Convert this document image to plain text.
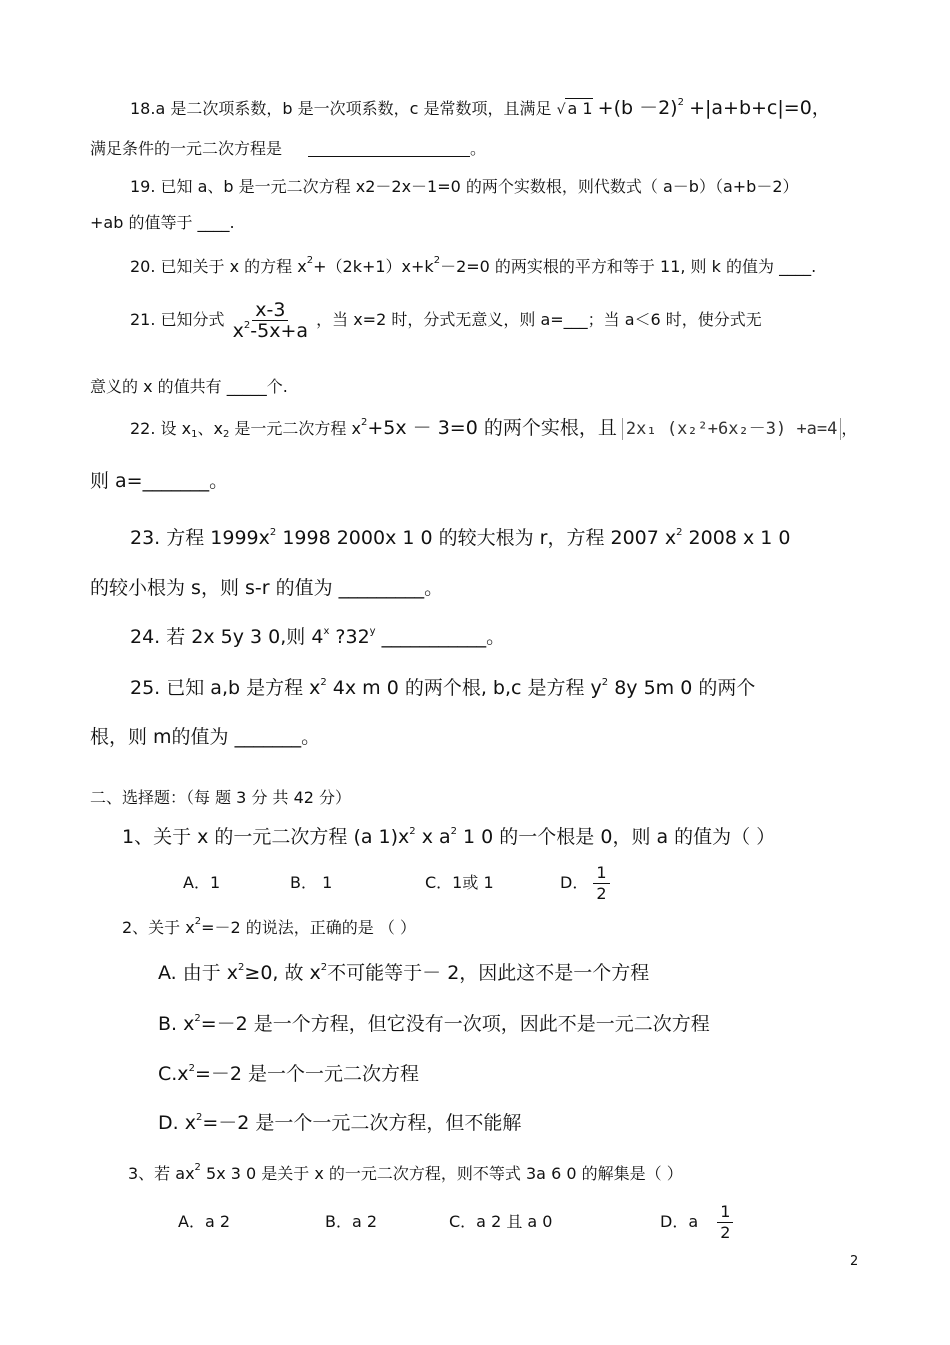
18.a 是二次项系数，b 是一次项系数，c 是常数项，且满足 √ a $1 +(b -2)^2 +|a+b+c|=0$，
满足条件的一元二次方程是	。
19. 已知 a、b 是一元二次方程 x2－2x－1=0 的两个实数根，则代数式（ a－b）（a+b－2）
+ab 的值等于 ____.
20. 已知关于 x 的方程 $x^2+(2k+1)x+k^2-2=0$ 的两实根的平方和等于 11, 则 k 的值为 ____.
21. 已知分式 $\frac{x-3}{x^2-5x+a}$ ，当 x=2 时，分式无意义，则 a=___；当 a＜6 时，使分式无
意义的 x 的值共有 _____个.
22. 设 $x_1$、$x_2$ 是一元二次方程 $x^2+5x - 3=0$ 的两个实根，且 2x₁ (x₂²+6x₂－3) +a=4 ，
则 a=_______。
23. 方程 $1999x^2$ 1998 2000x 1 0 的较大根为 r，方程 2007 $x^2$ 2008 x 1 0
的较小根为 s，则 s-r 的值为 _________。
24. 若 2x 5y 3 0,则 4$^x$ ?32$^y$ ___________。
25. 已知 a,b 是方程 $x^2$ 4x m 0 的两个根, b,c 是方程 $y^2$ 8y 5m 0 的两个
根，则 m的值为 _______。
二、选择题：（每 题 3 分 共 42 分）
1、关于 x 的一元二次方程 (a $1)x^2$ x $a^2$ 1 0 的一个根是 0，则 a 的值为（ ）
A．1	B． 1	C．1或 1	D． $\frac{1}{2}$
2、关于 $x^2=-2$ 的说法，正确的是 （ ）
A. 由于 $x^2\ge 0$, 故 $x^2$不可能等于－ 2，因此这不是一个方程
B. $x^2=-2$ 是一个方程，但它没有一次项，因此不是一元二次方程
$C.x^2=-2$ 是一个一元二次方程
D. $x^2=-2$ 是一个一元二次方程，但不能解
3、若 $ax^2$ 5x 3 0 是关于 x 的一元二次方程，则不等式 3a 6 0 的解集是（ ）
A．a 2	B．a 2	C．a 2 且 a 0	D．a $\frac{1}{2}$
2
